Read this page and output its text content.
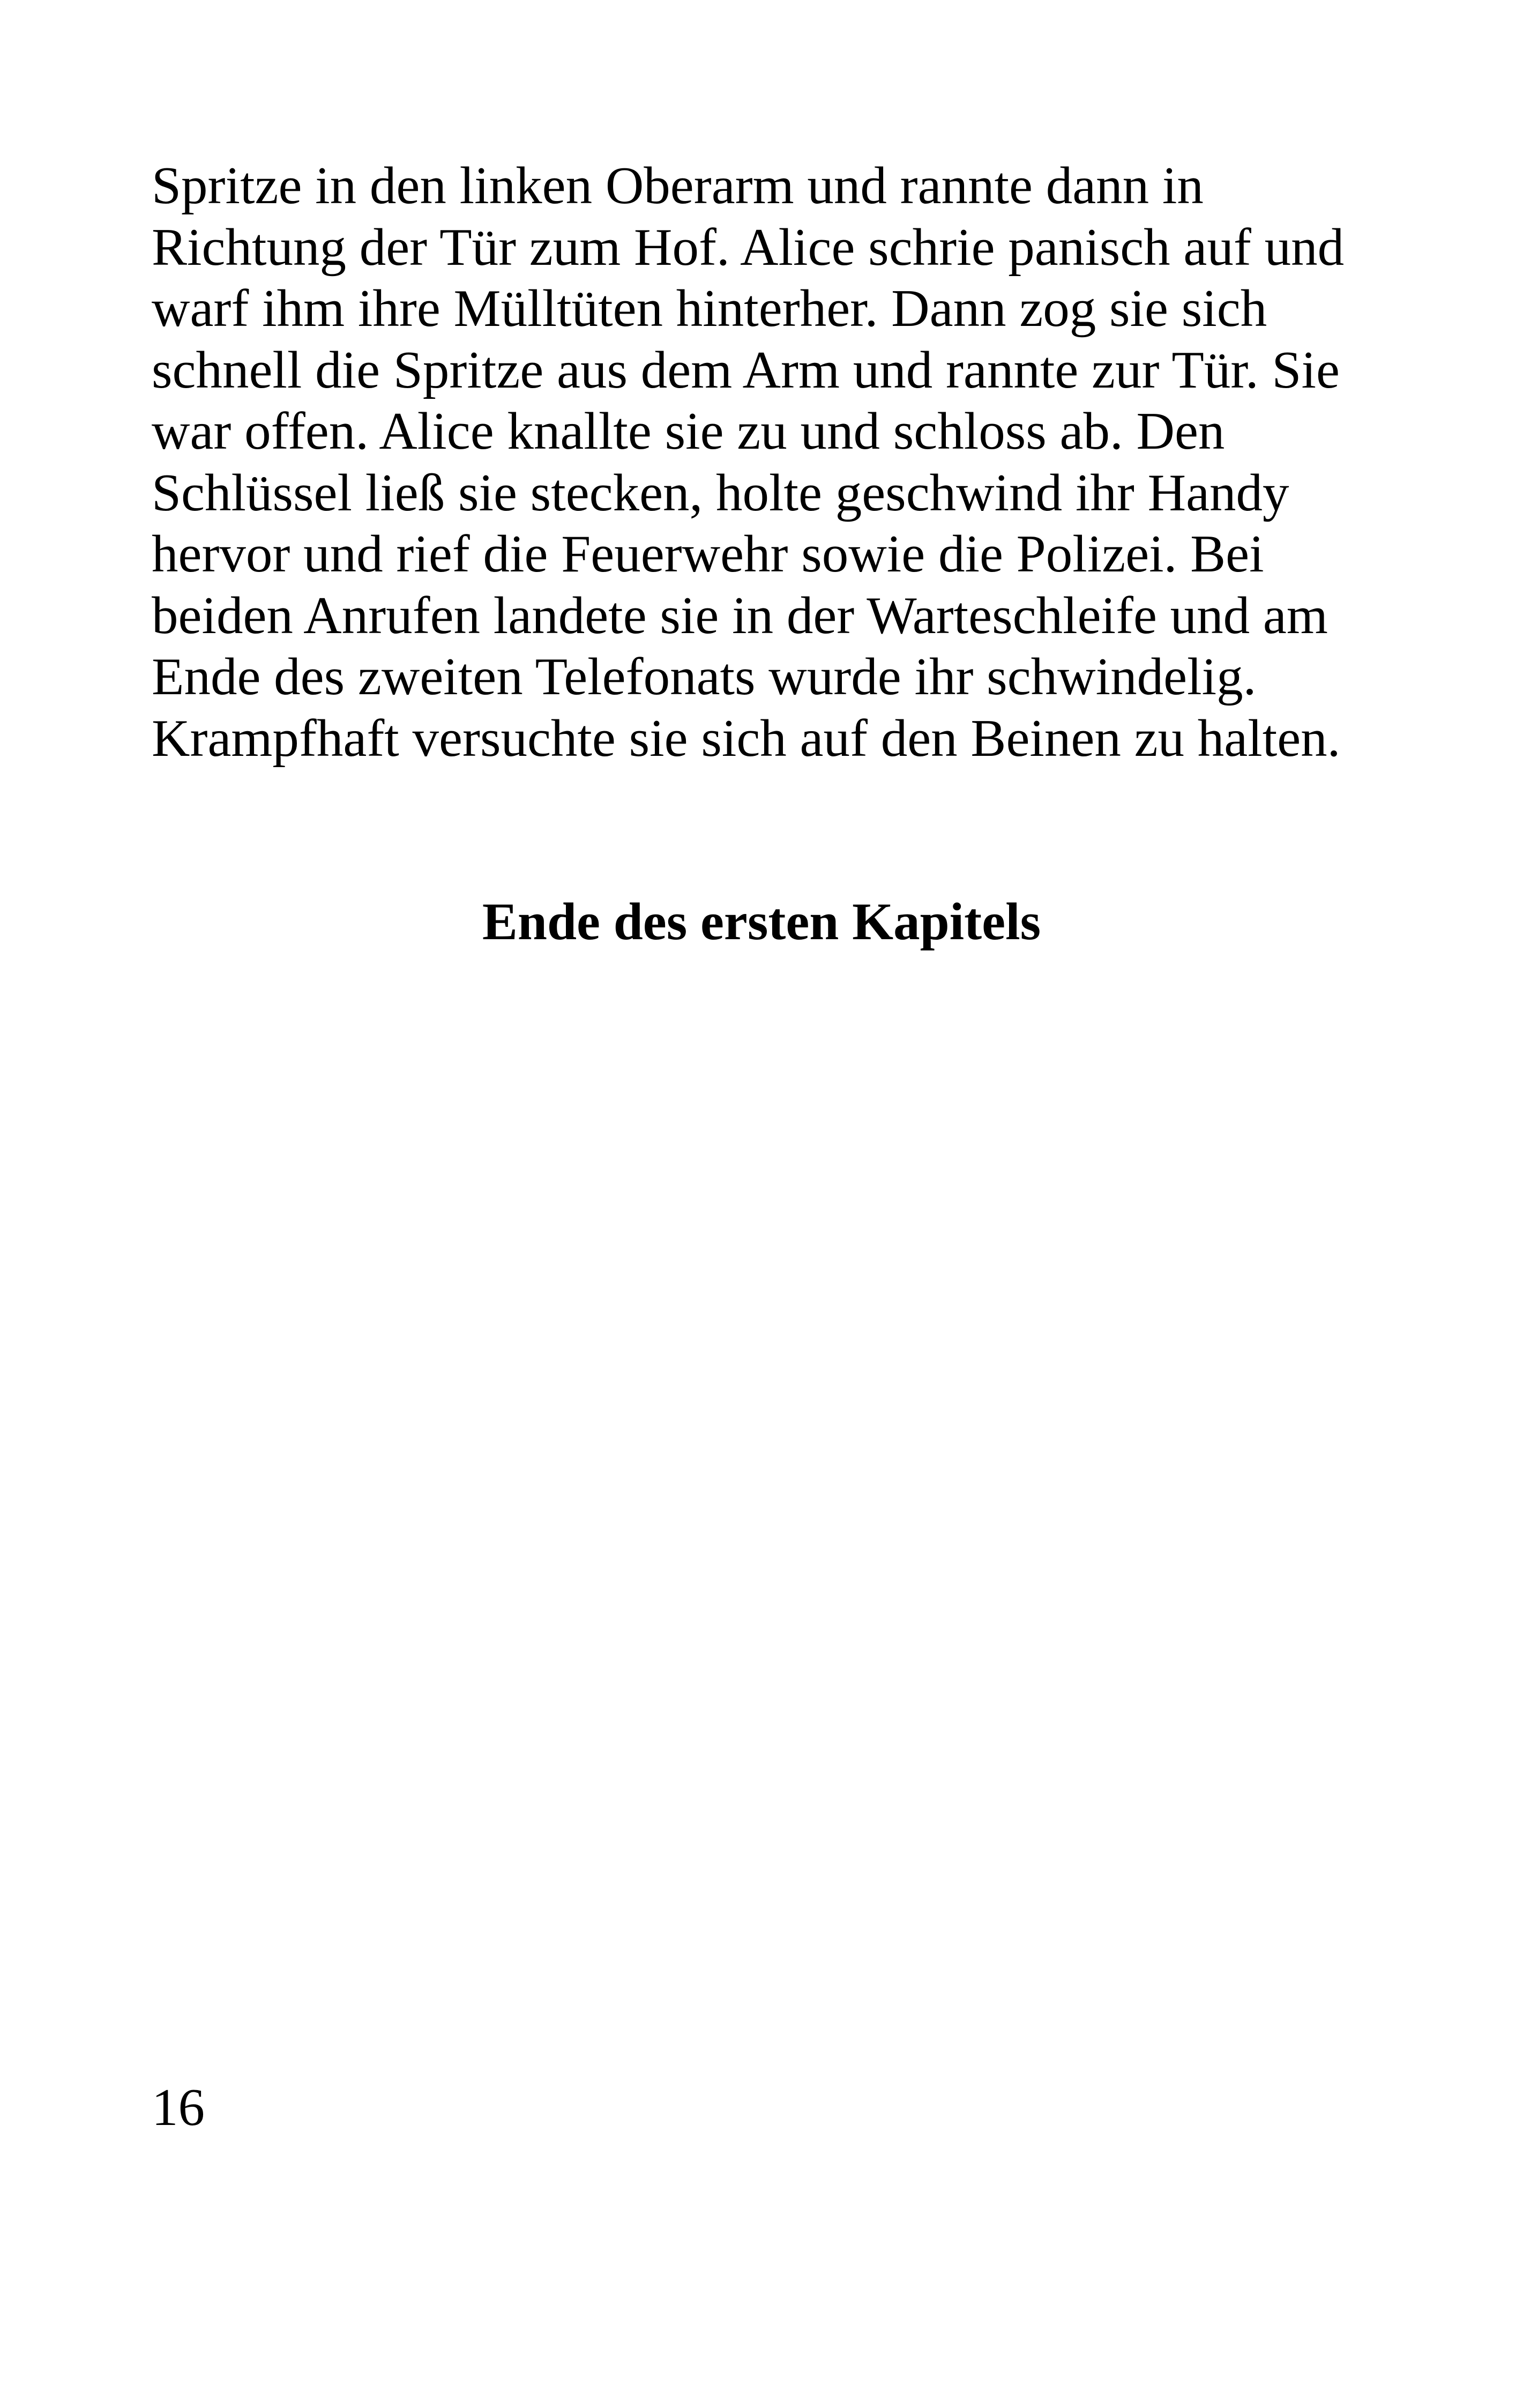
Spritze in den linken Oberarm und rannte dann in
Richtung der Tür zum Hof. Alice schrie panisch auf und
warf ihm ihre Mülltüten hinterher. Dann zog sie sich
schnell die Spritze aus dem Arm und rannte zur Tür. Sie
war offen. Alice knallte sie zu und schloss ab. Den
Schlüssel ließ sie stecken, holte geschwind ihr Handy
hervor und rief die Feuerwehr sowie die Polizei. Bei
beiden Anrufen landete sie in der Warteschleife und am
Ende des zweiten Telefonats wurde ihr schwindelig.
Krampfhaft versuchte sie sich auf den Beinen zu halten.

Ende des ersten Kapitels

16
